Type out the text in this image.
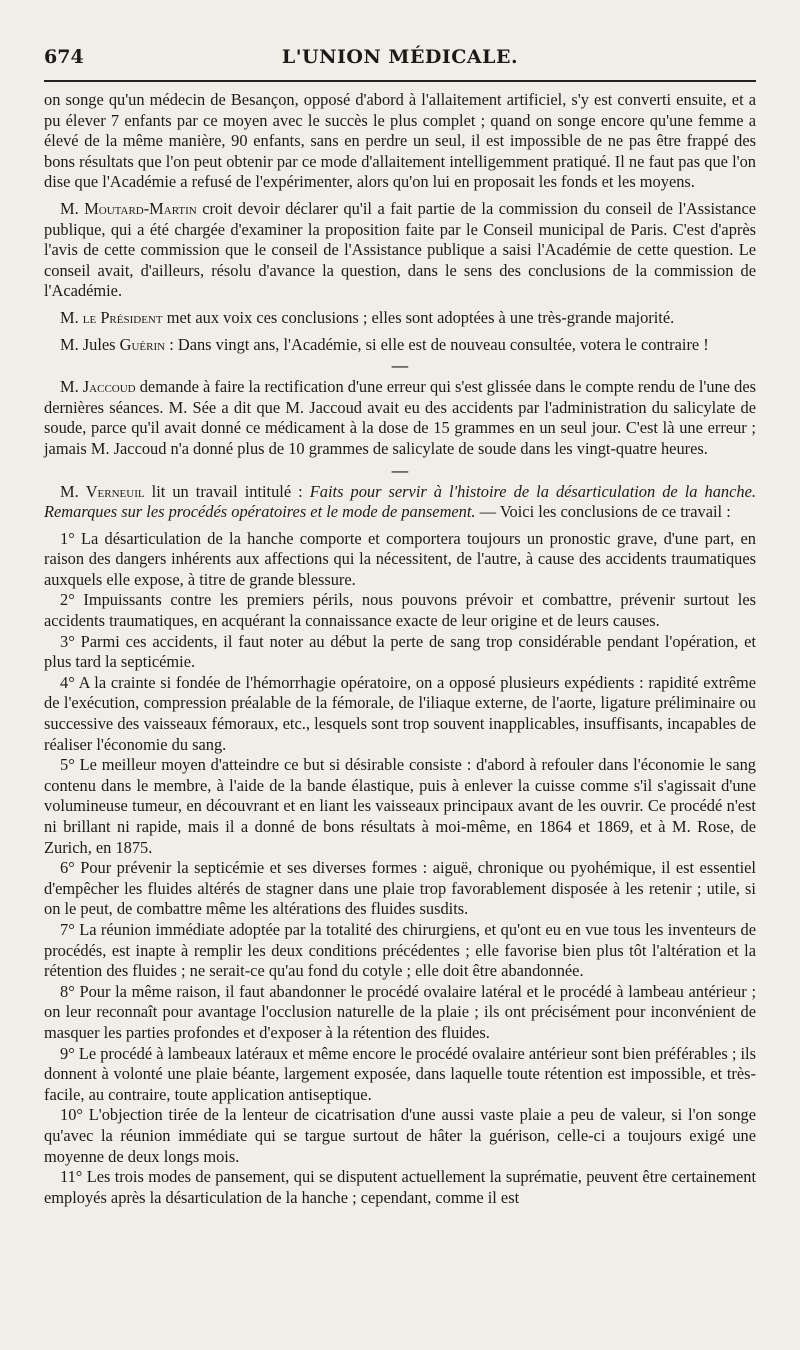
674	L'UNION MÉDICALE.

on songe qu'un médecin de Besançon, opposé d'abord à l'allaitement artificiel, s'y est converti ensuite, et a pu élever 7 enfants par ce moyen avec le succès le plus complet ; quand on songe encore qu'une femme a élevé de la même manière, 90 enfants, sans en perdre un seul, il est impossible de ne pas être frappé des bons résultats que l'on peut obtenir par ce mode d'allaitement intelligemment pratiqué. Il ne faut pas que l'on dise que l'Académie a refusé de l'expérimenter, alors qu'on lui en proposait les fonds et les moyens.

M. Moutard-Martin croit devoir déclarer qu'il a fait partie de la commission du conseil de l'Assistance publique, qui a été chargée d'examiner la proposition faite par le Conseil municipal de Paris. C'est d'après l'avis de cette commission que le conseil de l'Assistance publique a saisi l'Académie de cette question. Le conseil avait, d'ailleurs, résolu d'avance la question, dans le sens des conclusions de la commission de l'Académie.

M. le Président met aux voix ces conclusions ; elles sont adoptées à une très-grande majorité.

M. Jules Guérin : Dans vingt ans, l'Académie, si elle est de nouveau consultée, votera le contraire !

—

M. Jaccoud demande à faire la rectification d'une erreur qui s'est glissée dans le compte rendu de l'une des dernières séances. M. Sée a dit que M. Jaccoud avait eu des accidents par l'administration du salicylate de soude, parce qu'il avait donné ce médicament à la dose de 15 grammes en un seul jour. C'est là une erreur ; jamais M. Jaccoud n'a donné plus de 10 grammes de salicylate de soude dans les vingt-quatre heures.

—

M. Verneuil lit un travail intitulé : Faits pour servir à l'histoire de la désarticulation de la hanche. Remarques sur les procédés opératoires et le mode de pansement. — Voici les conclusions de ce travail :

1° La désarticulation de la hanche comporte et comportera toujours un pronostic grave, d'une part, en raison des dangers inhérents aux affections qui la nécessitent, de l'autre, à cause des accidents traumatiques auxquels elle expose, à titre de grande blessure.

2° Impuissants contre les premiers périls, nous pouvons prévoir et combattre, prévenir surtout les accidents traumatiques, en acquérant la connaissance exacte de leur origine et de leurs causes.

3° Parmi ces accidents, il faut noter au début la perte de sang trop considérable pendant l'opération, et plus tard la septicémie.

4° A la crainte si fondée de l'hémorrhagie opératoire, on a opposé plusieurs expédients : rapidité extrême de l'exécution, compression préalable de la fémorale, de l'iliaque externe, de l'aorte, ligature préliminaire ou successive des vaisseaux fémoraux, etc., lesquels sont trop souvent inapplicables, insuffisants, incapables de réaliser l'économie du sang.

5° Le meilleur moyen d'atteindre ce but si désirable consiste : d'abord à refouler dans l'économie le sang contenu dans le membre, à l'aide de la bande élastique, puis à enlever la cuisse comme s'il s'agissait d'une volumineuse tumeur, en découvrant et en liant les vaisseaux principaux avant de les ouvrir. Ce procédé n'est ni brillant ni rapide, mais il a donné de bons résultats à moi-même, en 1864 et 1869, et à M. Rose, de Zurich, en 1875.

6° Pour prévenir la septicémie et ses diverses formes : aiguë, chronique ou pyohémique, il est essentiel d'empêcher les fluides altérés de stagner dans une plaie trop favorablement disposée à les retenir ; utile, si on le peut, de combattre même les altérations des fluides susdits.

7° La réunion immédiate adoptée par la totalité des chirurgiens, et qu'ont eu en vue tous les inventeurs de procédés, est inapte à remplir les deux conditions précédentes ; elle favorise bien plus tôt l'altération et la rétention des fluides ; ne serait-ce qu'au fond du cotyle ; elle doit être abandonnée.

8° Pour la même raison, il faut abandonner le procédé ovalaire latéral et le procédé à lambeau antérieur ; on leur reconnaît pour avantage l'occlusion naturelle de la plaie ; ils ont précisément pour inconvénient de masquer les parties profondes et d'exposer à la rétention des fluides.

9° Le procédé à lambeaux latéraux et même encore le procédé ovalaire antérieur sont bien préférables ; ils donnent à volonté une plaie béante, largement exposée, dans laquelle toute rétention est impossible, et très-facile, au contraire, toute application antiseptique.

10° L'objection tirée de la lenteur de cicatrisation d'une aussi vaste plaie a peu de valeur, si l'on songe qu'avec la réunion immédiate qui se targue surtout de hâter la guérison, celle-ci a toujours exigé une moyenne de deux longs mois.

11° Les trois modes de pansement, qui se disputent actuellement la suprématie, peuvent être certainement employés après la désarticulation de la hanche ; cependant, comme il est
